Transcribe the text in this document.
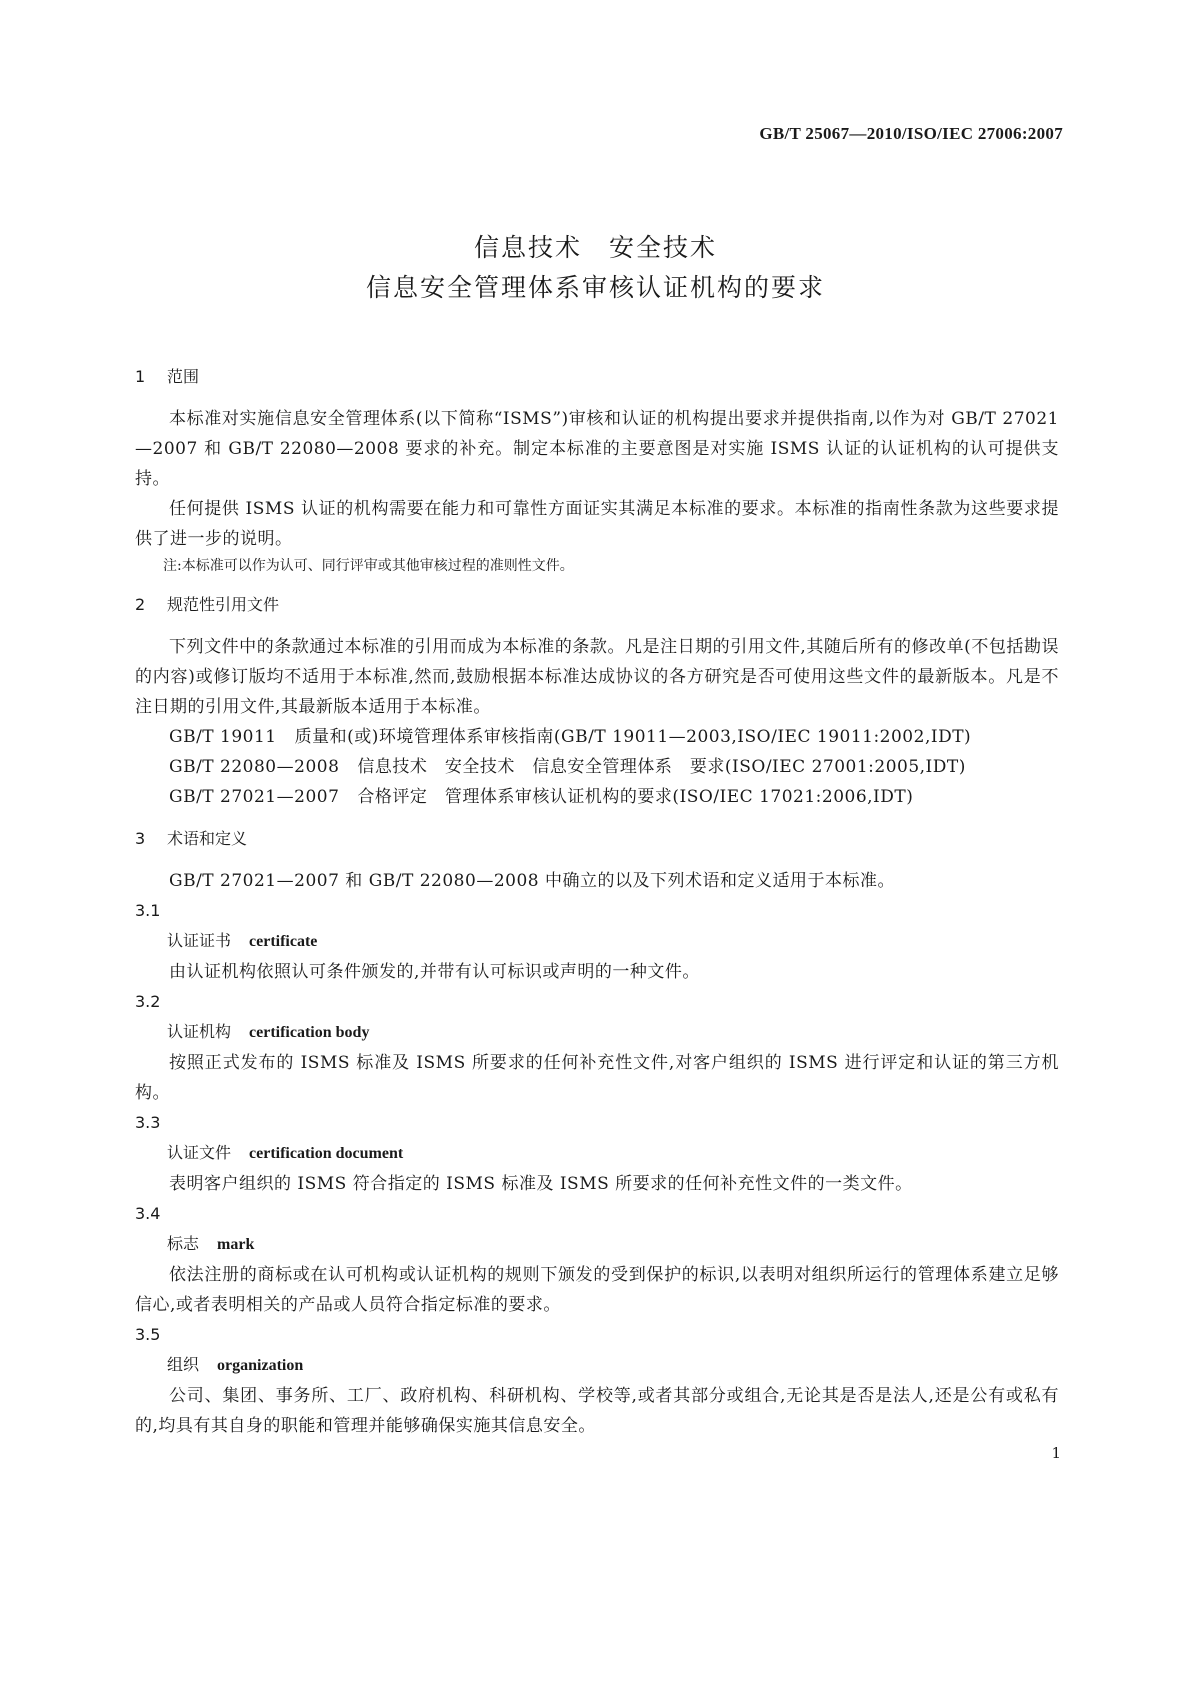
GB/T 25067—2010/ISO/IEC 27006:2007
信息技术　安全技术
信息安全管理体系审核认证机构的要求
1 范围

本标准对实施信息安全管理体系(以下简称“ISMS”)审核和认证的机构提出要求并提供指南,以作为对 GB/T 27021—2007 和 GB/T 22080—2008 要求的补充。制定本标准的主要意图是对实施 ISMS 认证的认证机构的认可提供支持。

任何提供 ISMS 认证的机构需要在能力和可靠性方面证实其满足本标准的要求。本标准的指南性条款为这些要求提供了进一步的说明。

注:本标准可以作为认可、同行评审或其他审核过程的准则性文件。

2 规范性引用文件

下列文件中的条款通过本标准的引用而成为本标准的条款。凡是注日期的引用文件,其随后所有的修改单(不包括勘误的内容)或修订版均不适用于本标准,然而,鼓励根据本标准达成协议的各方研究是否可使用这些文件的最新版本。凡是不注日期的引用文件,其最新版本适用于本标准。

GB/T 19011 质量和(或)环境管理体系审核指南(GB/T 19011—2003,ISO/IEC 19011:2002,IDT)

GB/T 22080—2008 信息技术　安全技术　信息安全管理体系　要求(ISO/IEC 27001:2005,IDT)

GB/T 27021—2007 合格评定　管理体系审核认证机构的要求(ISO/IEC 17021:2006,IDT)

3 术语和定义

GB/T 27021—2007 和 GB/T 22080—2008 中确立的以及下列术语和定义适用于本标准。

3.1

认证证书 certificate

由认证机构依照认可条件颁发的,并带有认可标识或声明的一种文件。

3.2

认证机构 certification body

按照正式发布的 ISMS 标准及 ISMS 所要求的任何补充性文件,对客户组织的 ISMS 进行评定和认证的第三方机构。

3.3

认证文件 certification document

表明客户组织的 ISMS 符合指定的 ISMS 标准及 ISMS 所要求的任何补充性文件的一类文件。

3.4

标志 mark

依法注册的商标或在认可机构或认证机构的规则下颁发的受到保护的标识,以表明对组织所运行的管理体系建立足够信心,或者表明相关的产品或人员符合指定标准的要求。

3.5

组织 organization

公司、集团、事务所、工厂、政府机构、科研机构、学校等,或者其部分或组合,无论其是否是法人,还是公有或私有的,均具有其自身的职能和管理并能够确保实施其信息安全。

1
